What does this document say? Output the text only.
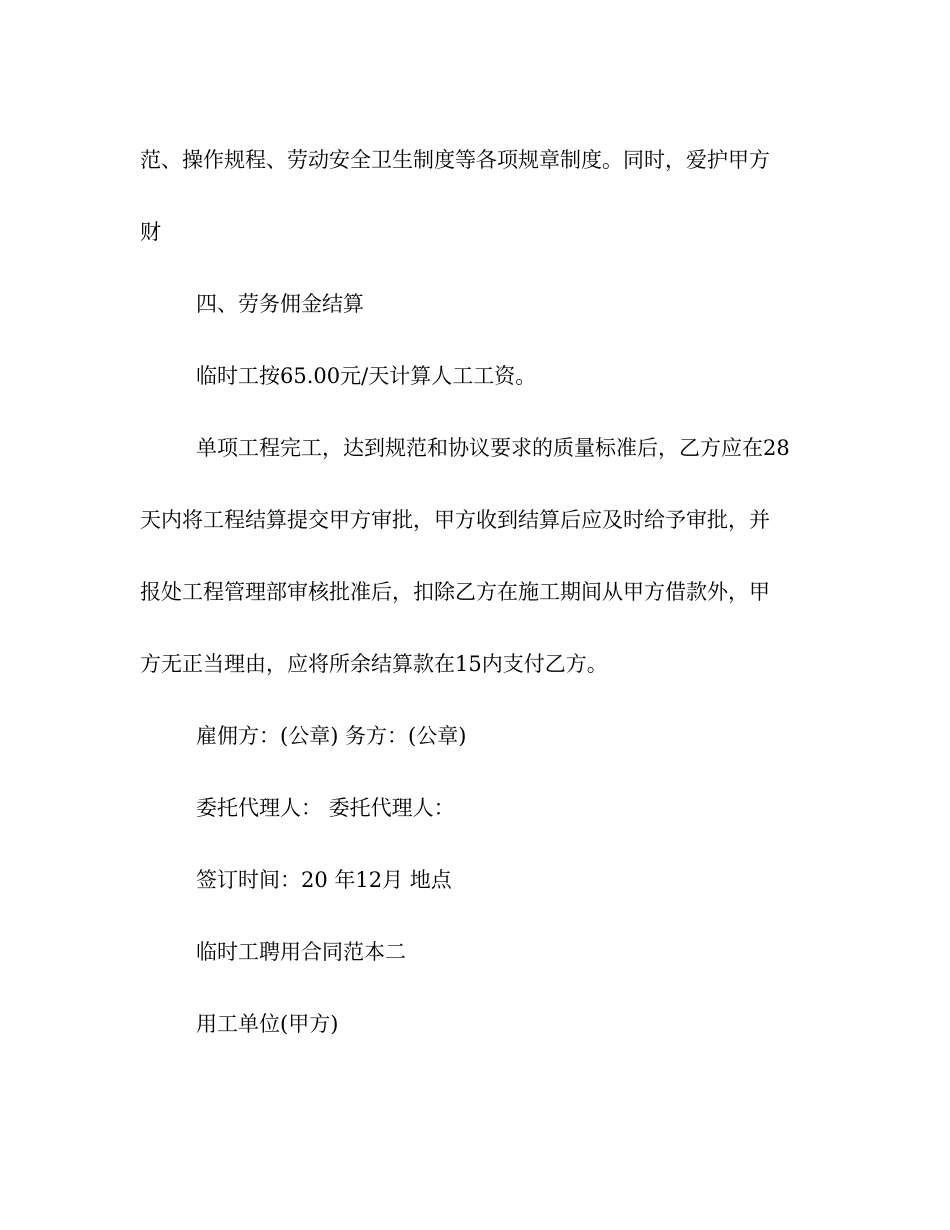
范、操作规程、劳动安全卫生制度等各项规章制度。同时，爱护甲方
财
四、劳务佣金结算
临时工按65.00元/天计算人工工资。
单项工程完工，达到规范和协议要求的质量标准后，乙方应在28
天内将工程结算提交甲方审批，甲方收到结算后应及时给予审批，并
报处工程管理部审核批准后，扣除乙方在施工期间从甲方借款外，甲
方无正当理由，应将所余结算款在15内支付乙方。
雇佣方：(公章) 务方：(公章)
委托代理人： 委托代理人：
签订时间：20 年12月 地点
临时工聘用合同范本二
用工单位(甲方)
